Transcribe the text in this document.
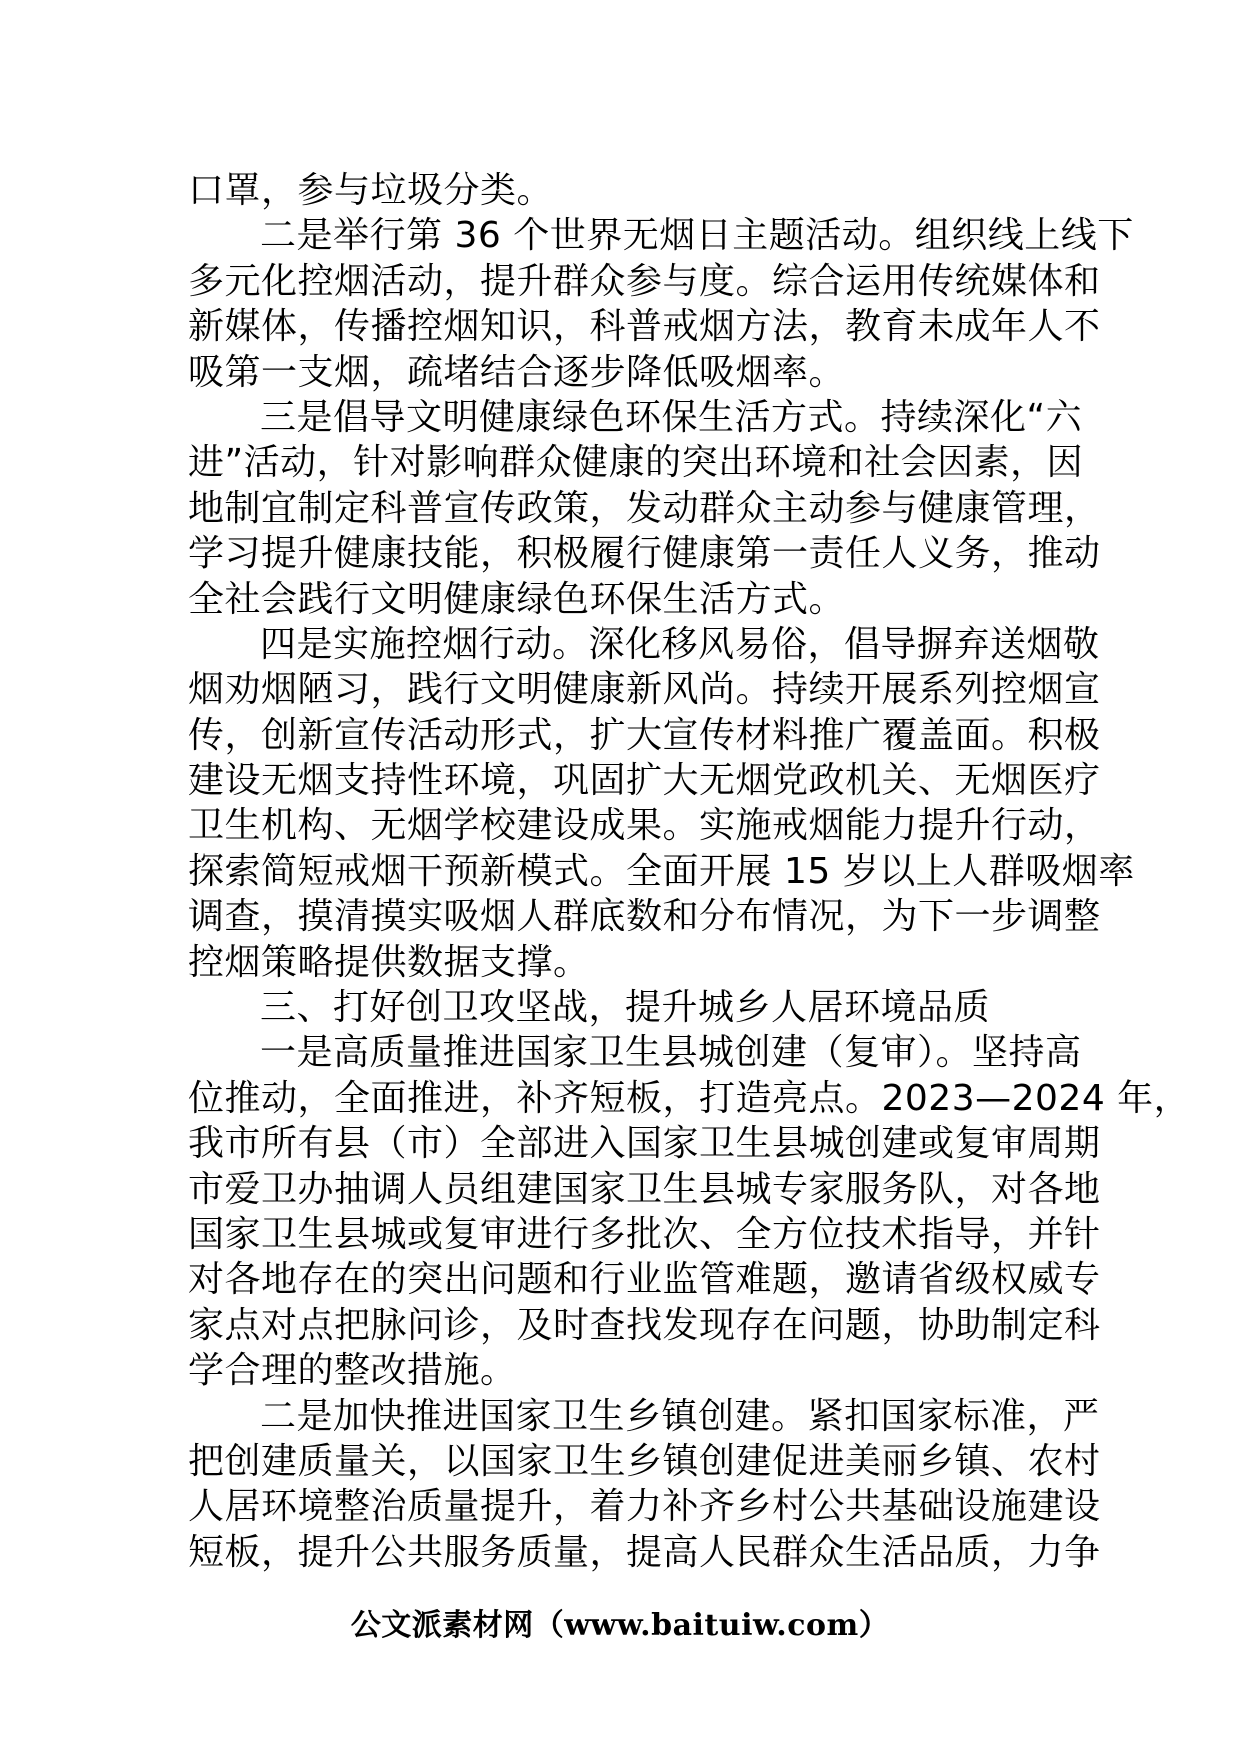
口罩，参与垃圾分类。
二是举行第 36 个世界无烟日主题活动。组织线上线下
多元化控烟活动，提升群众参与度。综合运用传统媒体和
新媒体，传播控烟知识，科普戒烟方法，教育未成年人不
吸第一支烟，疏堵结合逐步降低吸烟率。
三是倡导文明健康绿色环保生活方式。持续深化“六
进”活动，针对影响群众健康的突出环境和社会因素，因
地制宜制定科普宣传政策，发动群众主动参与健康管理，
学习提升健康技能，积极履行健康第一责任人义务，推动
全社会践行文明健康绿色环保生活方式。
四是实施控烟行动。深化移风易俗，倡导摒弃送烟敬
烟劝烟陋习，践行文明健康新风尚。持续开展系列控烟宣
传，创新宣传活动形式，扩大宣传材料推广覆盖面。积极
建设无烟支持性环境，巩固扩大无烟党政机关、无烟医疗
卫生机构、无烟学校建设成果。实施戒烟能力提升行动，
探索简短戒烟干预新模式。全面开展 15 岁以上人群吸烟率
调查，摸清摸实吸烟人群底数和分布情况，为下一步调整
控烟策略提供数据支撑。
三、打好创卫攻坚战，提升城乡人居环境品质
一是高质量推进国家卫生县城创建（复审）。坚持高
位推动，全面推进，补齐短板，打造亮点。2023—2024 年，
我市所有县（市）全部进入国家卫生县城创建或复审周期
市爱卫办抽调人员组建国家卫生县城专家服务队，对各地
国家卫生县城或复审进行多批次、全方位技术指导，并针
对各地存在的突出问题和行业监管难题，邀请省级权威专
家点对点把脉问诊，及时查找发现存在问题，协助制定科
学合理的整改措施。
二是加快推进国家卫生乡镇创建。紧扣国家标准，严
把创建质量关，以国家卫生乡镇创建促进美丽乡镇、农村
人居环境整治质量提升，着力补齐乡村公共基础设施建设
短板，提升公共服务质量，提高人民群众生活品质，力争
公文派素材网（www.baituiw.com）
